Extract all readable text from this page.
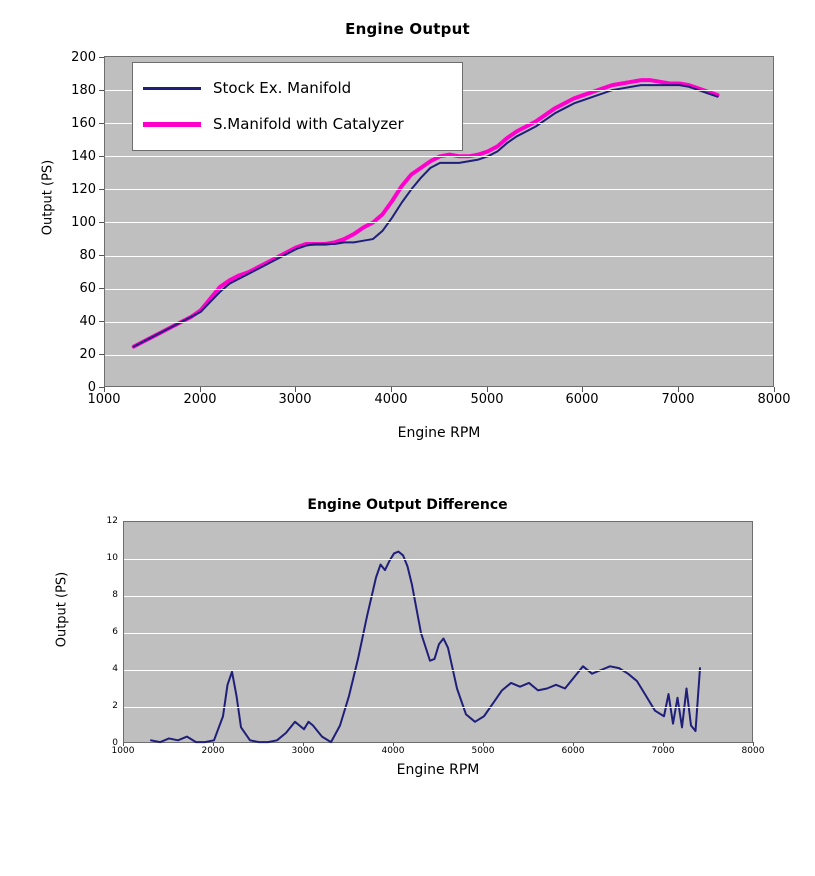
Engine Output
Output (PS)
Engine RPM
0
20
40
60
80
100
120
140
160
180
200
1000	2000	3000	4000	5000	6000	7000	8000
Stock Ex. Manifold
S.Manifold with Catalyzer
Engine Output Difference
Output (PS)
Engine RPM
0
2
4
6
8
10
12
1000	2000	3000	4000	5000	6000	7000	8000
